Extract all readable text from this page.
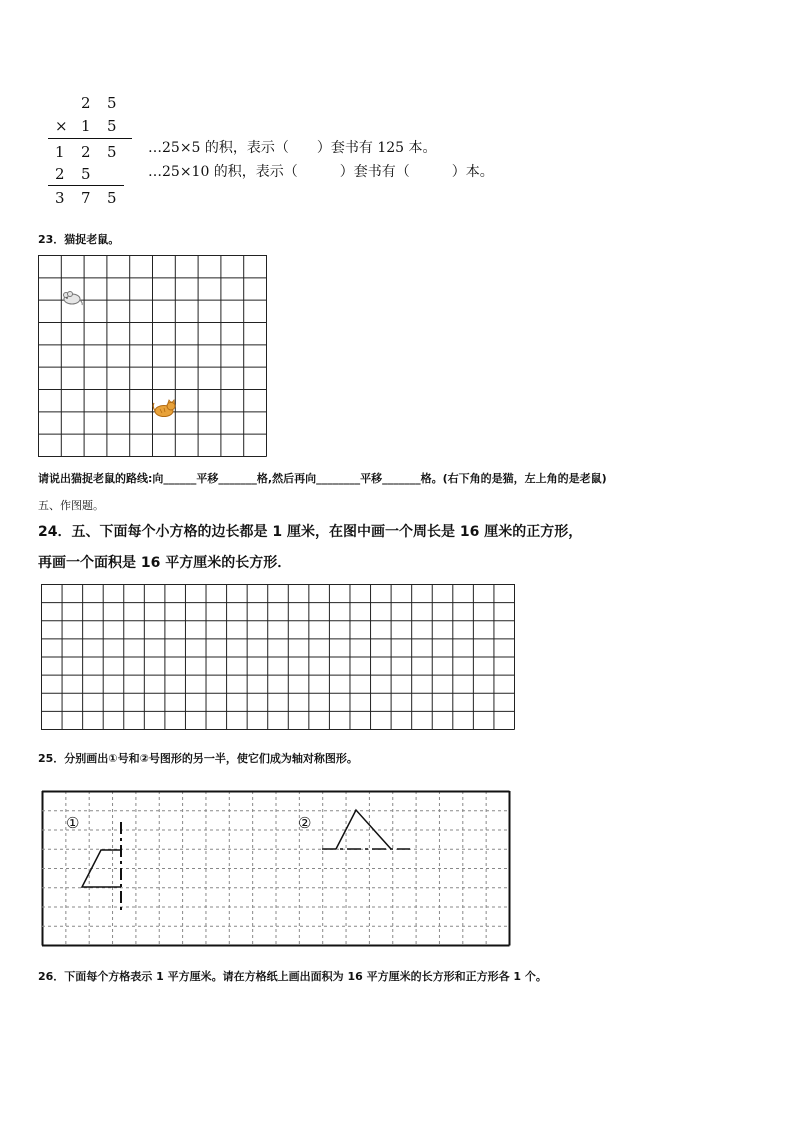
2 5
× 1 5
1 2 5
2 5
3 7 5
…25×5 的积，表示（　　）套书有 125 本。
…25×10 的积，表示（　　　）套书有（　　　）本。
23．猫捉老鼠。
请说出猫捉老鼠的路线:向______平移_______格,然后再向________平移_______格。(右下角的是猫，左上角的是老鼠)
五、作图题。
24．五、下面每个小方格的边长都是 1 厘米，在图中画一个周长是 16 厘米的正方形，
再画一个面积是 16 平方厘米的长方形．
25．分别画出①号和②号图形的另一半，使它们成为轴对称图形。
①	②
26．下面每个方格表示 1 平方厘米。请在方格纸上画出面积为 16 平方厘米的长方形和正方形各 1 个。
